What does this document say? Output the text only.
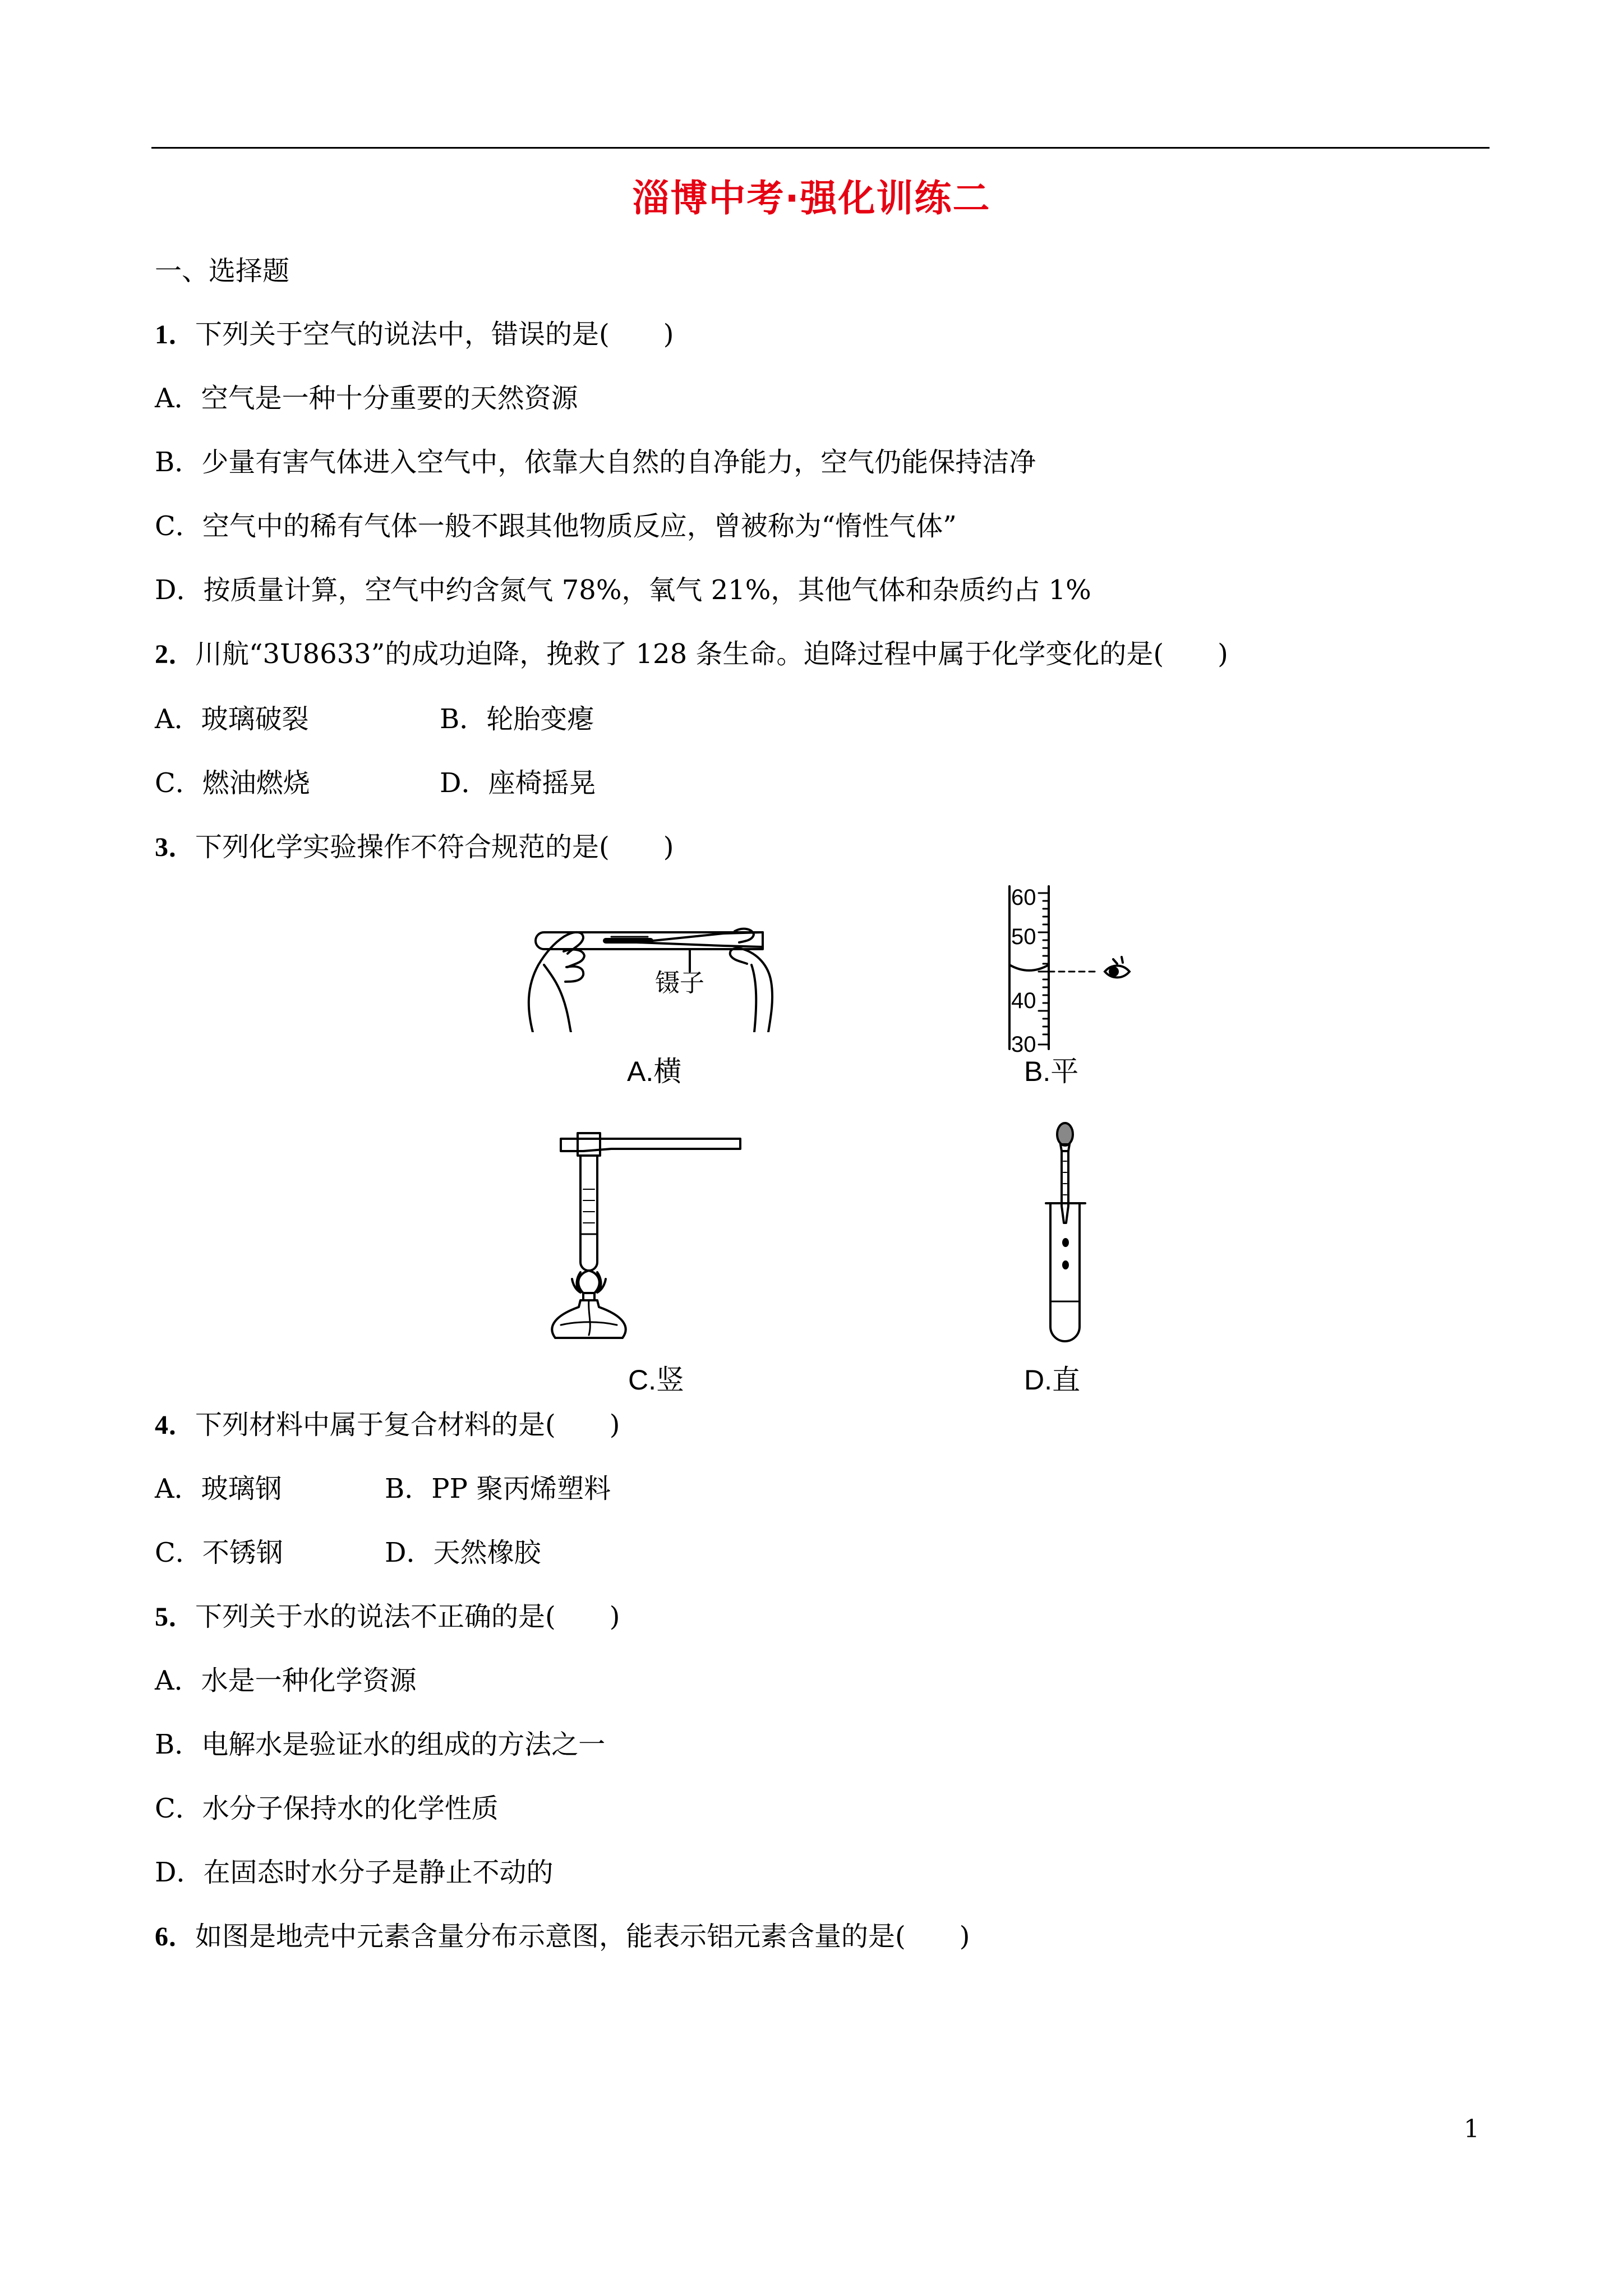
淄博中考·强化训练二
一、选择题
1．下列关于空气的说法中，错误的是(　　)
A．空气是一种十分重要的天然资源
B．少量有害气体进入空气中，依靠大自然的自净能力，空气仍能保持洁净
C．空气中的稀有气体一般不跟其他物质反应，曾被称为“惰性气体”
D．按质量计算，空气中约含氮气 78%，氧气 21%，其他气体和杂质约占 1%
2．川航“3U8633”的成功迫降，挽救了 128 条生命。迫降过程中属于化学变化的是(　　)
A．玻璃破裂	B．轮胎变瘪
C．燃油燃烧	D．座椅摇晃
3．下列化学实验操作不符合规范的是(　　)
镊子
A.横
60
50
40
30
B.平
C.竖	D.直
4．下列材料中属于复合材料的是(　　)
A．玻璃钢	B．PP 聚丙烯塑料
C．不锈钢	D．天然橡胶
5．下列关于水的说法不正确的是(　　)
A．水是一种化学资源
B．电解水是验证水的组成的方法之一
C．水分子保持水的化学性质
D．在固态时水分子是静止不动的
6．如图是地壳中元素含量分布示意图，能表示铝元素含量的是(　　)
1
